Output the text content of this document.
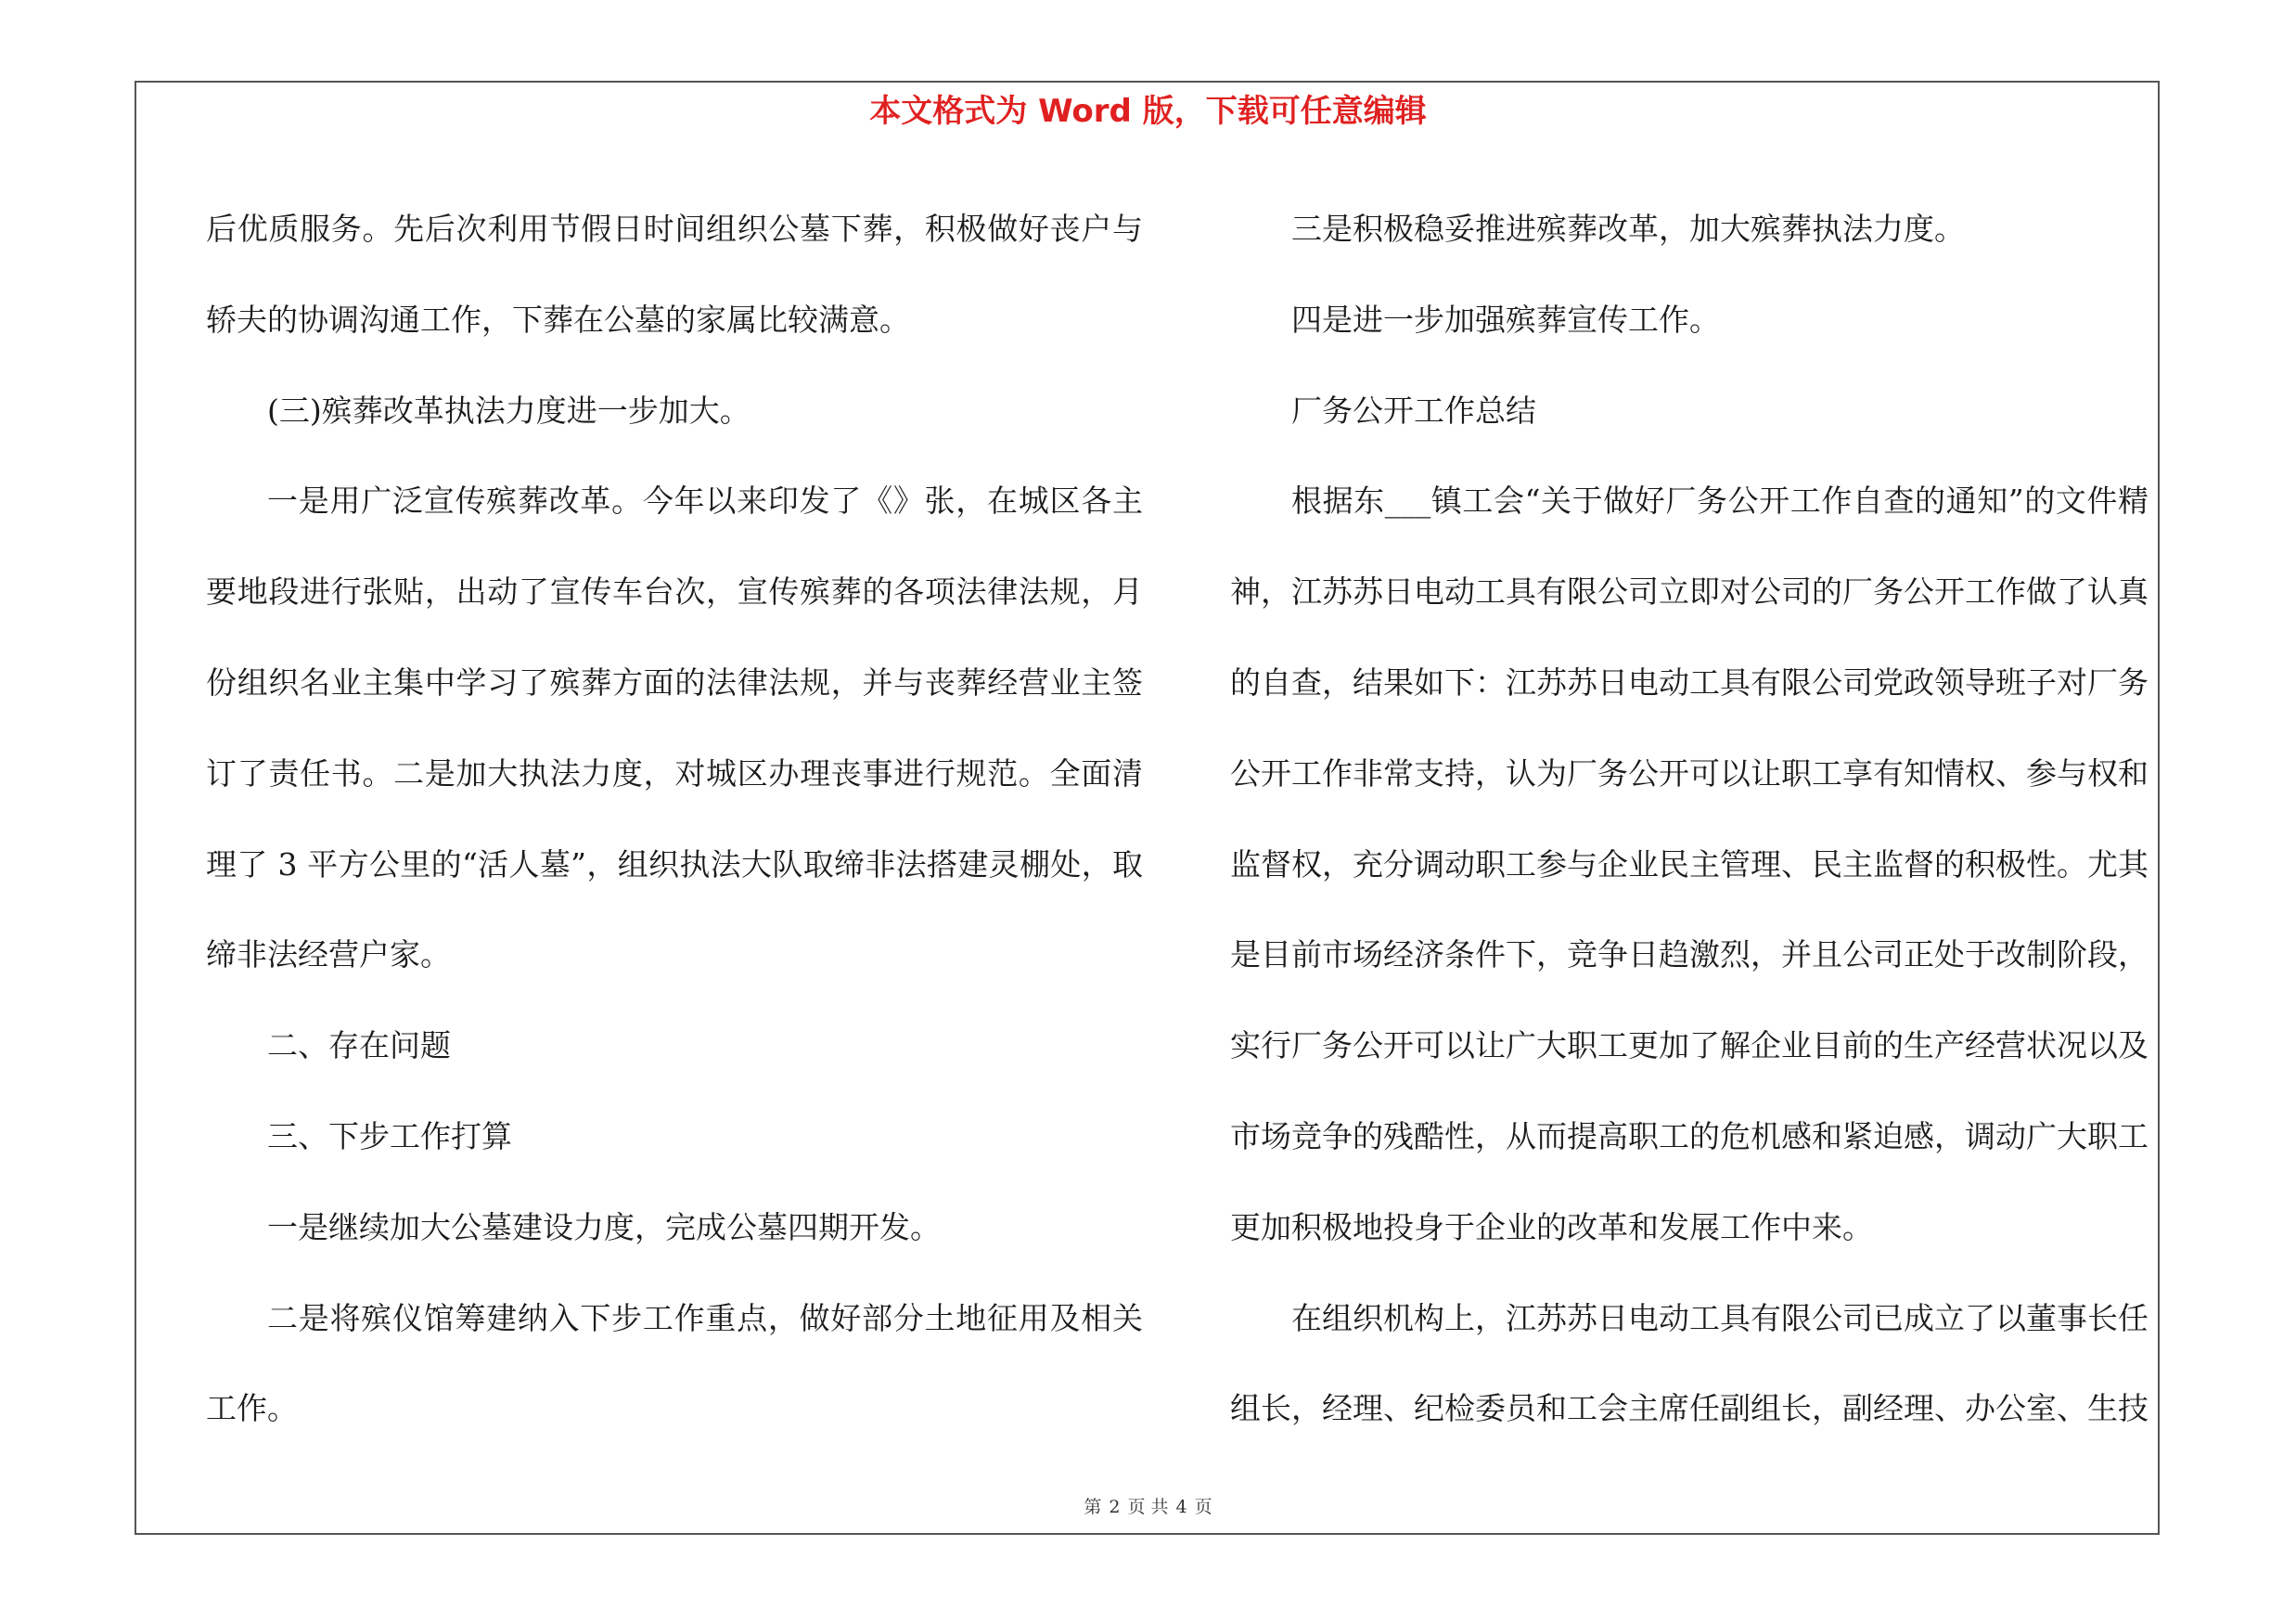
本文格式为 Word 版，下载可任意编辑

后优质服务。先后次利用节假日时间组织公墓下葬，积极做好丧户与轿夫的协调沟通工作，下葬在公墓的家属比较满意。

(三)殡葬改革执法力度进一步加大。

一是用广泛宣传殡葬改革。今年以来印发了《》张，在城区各主要地段进行张贴，出动了宣传车台次，宣传殡葬的各项法律法规，月份组织名业主集中学习了殡葬方面的法律法规，并与丧葬经营业主签订了责任书。二是加大执法力度，对城区办理丧事进行规范。全面清理了 3 平方公里的“活人墓”，组织执法大队取缔非法搭建灵棚处，取缔非法经营户家。

二、存在问题

三、下步工作打算

一是继续加大公墓建设力度，完成公墓四期开发。

二是将殡仪馆筹建纳入下步工作重点，做好部分土地征用及相关工作。

三是积极稳妥推进殡葬改革，加大殡葬执法力度。

四是进一步加强殡葬宣传工作。

厂务公开工作总结

根据东___镇工会“关于做好厂务公开工作自查的通知”的文件精神，江苏苏日电动工具有限公司立即对公司的厂务公开工作做了认真的自查，结果如下：江苏苏日电动工具有限公司党政领导班子对厂务公开工作非常支持，认为厂务公开可以让职工享有知情权、参与权和监督权，充分调动职工参与企业民主管理、民主监督的积极性。尤其是目前市场经济条件下，竞争日趋激烈，并且公司正处于改制阶段，实行厂务公开可以让广大职工更加了解企业目前的生产经营状况以及市场竞争的残酷性，从而提高职工的危机感和紧迫感，调动广大职工更加积极地投身于企业的改革和发展工作中来。

在组织机构上，江苏苏日电动工具有限公司已成立了以董事长任组长，经理、纪检委员和工会主席任副组长，副经理、办公室、生技

第 2 页 共 4 页
